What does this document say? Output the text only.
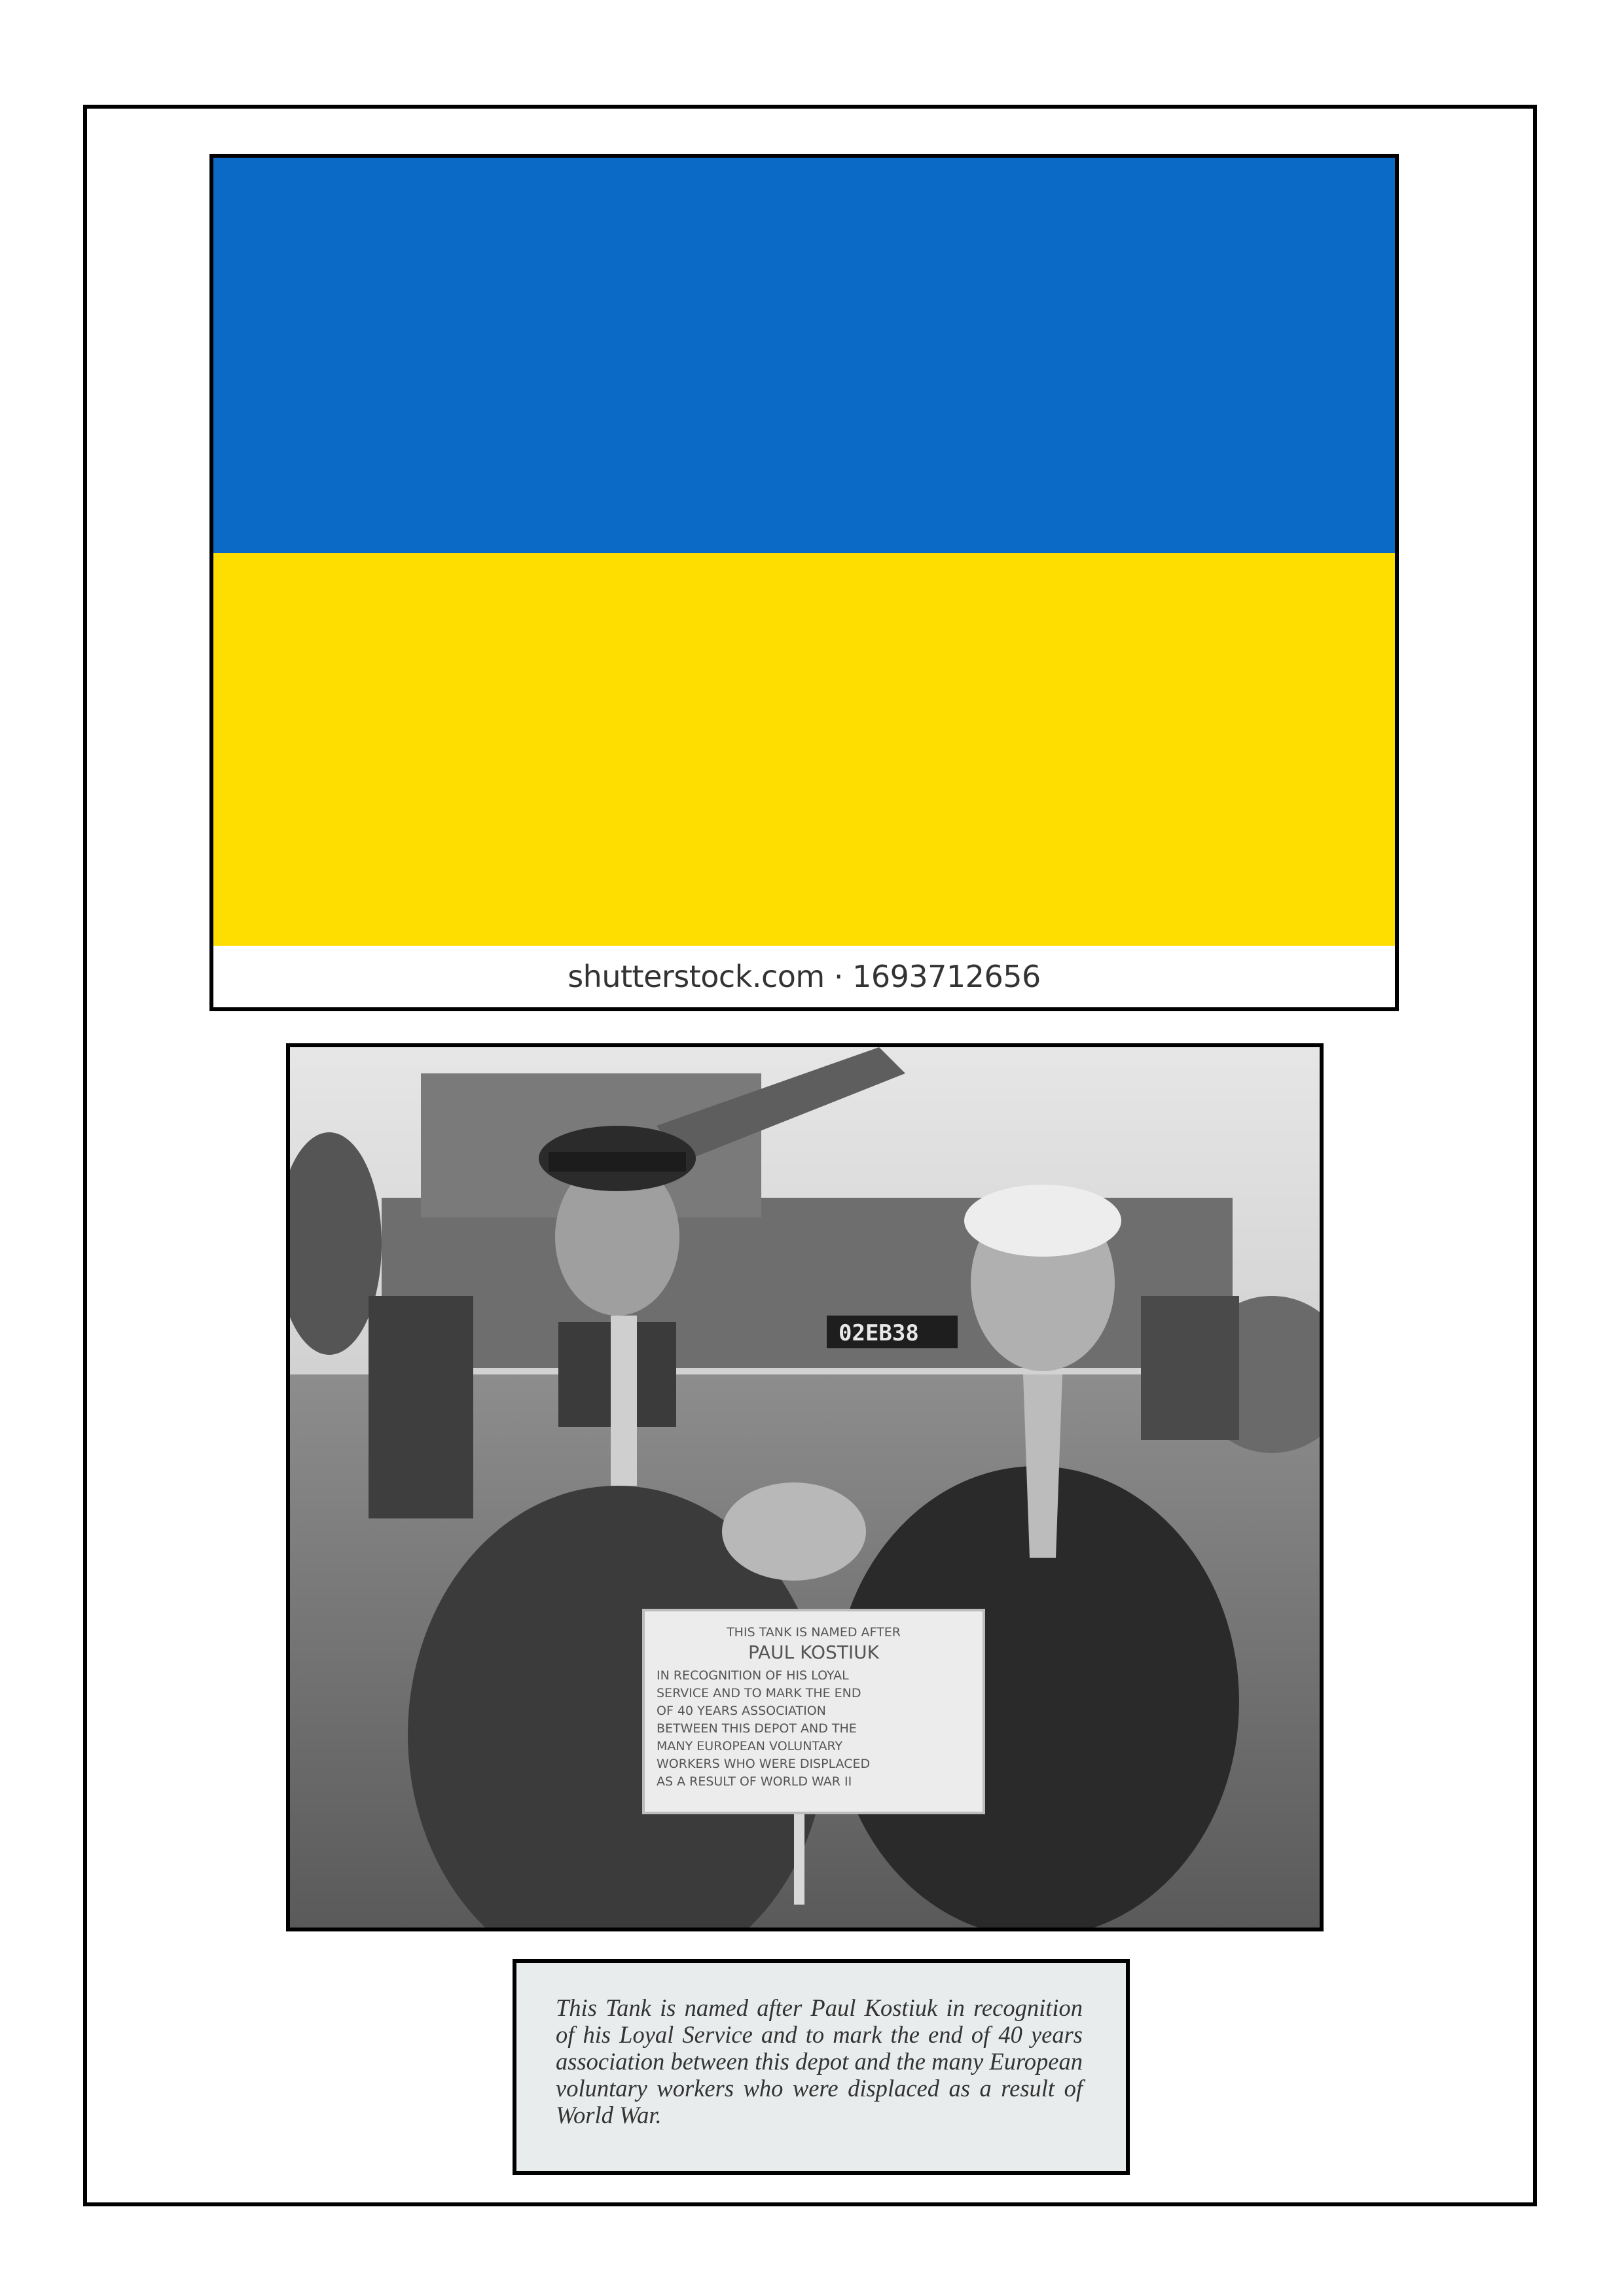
shutterstock.com · 1693712656
02EB38
THIS TANK IS NAMED AFTER
PAUL KOSTIUK
IN RECOGNITION OF HIS LOYAL
SERVICE AND TO MARK THE END
OF 40 YEARS ASSOCIATION
BETWEEN THIS DEPOT AND THE
MANY EUROPEAN VOLUNTARY
WORKERS WHO WERE DISPLACED
AS A RESULT OF WORLD WAR II

This Tank is named after Paul Kostiuk in recognition of his Loyal Service and to mark the end of 40 years association between this depot and the many European voluntary workers who were displaced as a result of World War.
